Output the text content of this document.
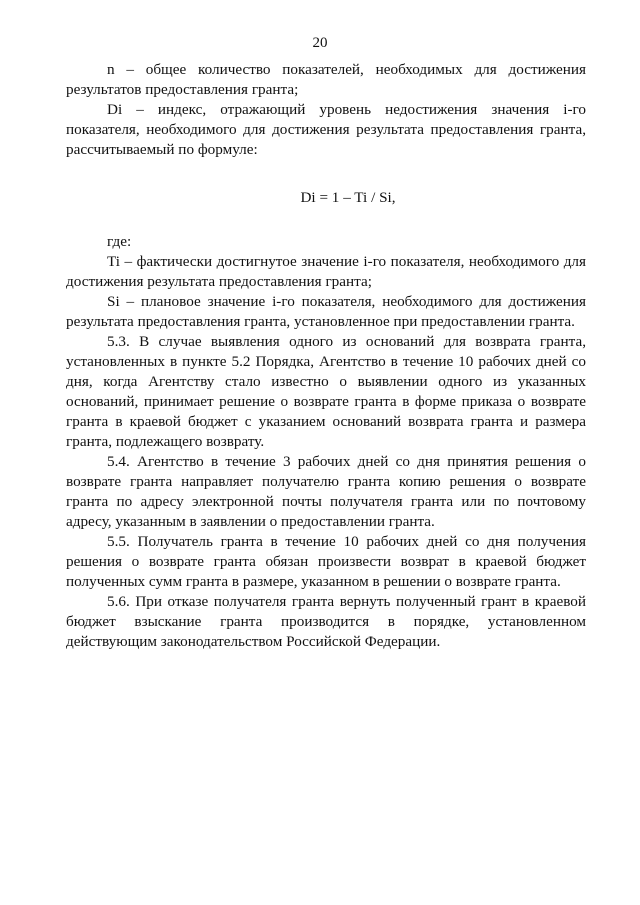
20

n – общее количество показателей, необходимых для достижения результатов предоставления гранта;

Di – индекс, отражающий уровень недостижения значения i-го показателя, необходимого для достижения результата предоставления гранта, рассчитываемый по формуле:

Di = 1 – Ti / Si,

где:

Ti – фактически достигнутое значение i-го показателя, необходимого для достижения результата предоставления гранта;

Si – плановое значение i-го показателя, необходимого для достижения результата предоставления гранта, установленное при предоставлении гранта.

5.3. В случае выявления одного из оснований для возврата гранта, установленных в пункте 5.2 Порядка, Агентство в течение 10 рабочих дней со дня, когда Агентству стало известно о выявлении одного из указанных оснований, принимает решение о возврате гранта в форме приказа о возврате гранта в краевой бюджет с указанием оснований возврата гранта и размера гранта, подлежащего возврату.

5.4. Агентство в течение 3 рабочих дней со дня принятия решения о возврате гранта направляет получателю гранта копию решения о возврате гранта по адресу электронной почты получателя гранта или по почтовому адресу, указанным в заявлении о предоставлении гранта.

5.5. Получатель гранта в течение 10 рабочих дней со дня получения решения о возврате гранта обязан произвести возврат в краевой бюджет полученных сумм гранта в размере, указанном в решении о возврате гранта.

5.6. При отказе получателя гранта вернуть полученный грант в краевой бюджет взыскание гранта производится в порядке, установленном действующим законодательством Российской Федерации.
